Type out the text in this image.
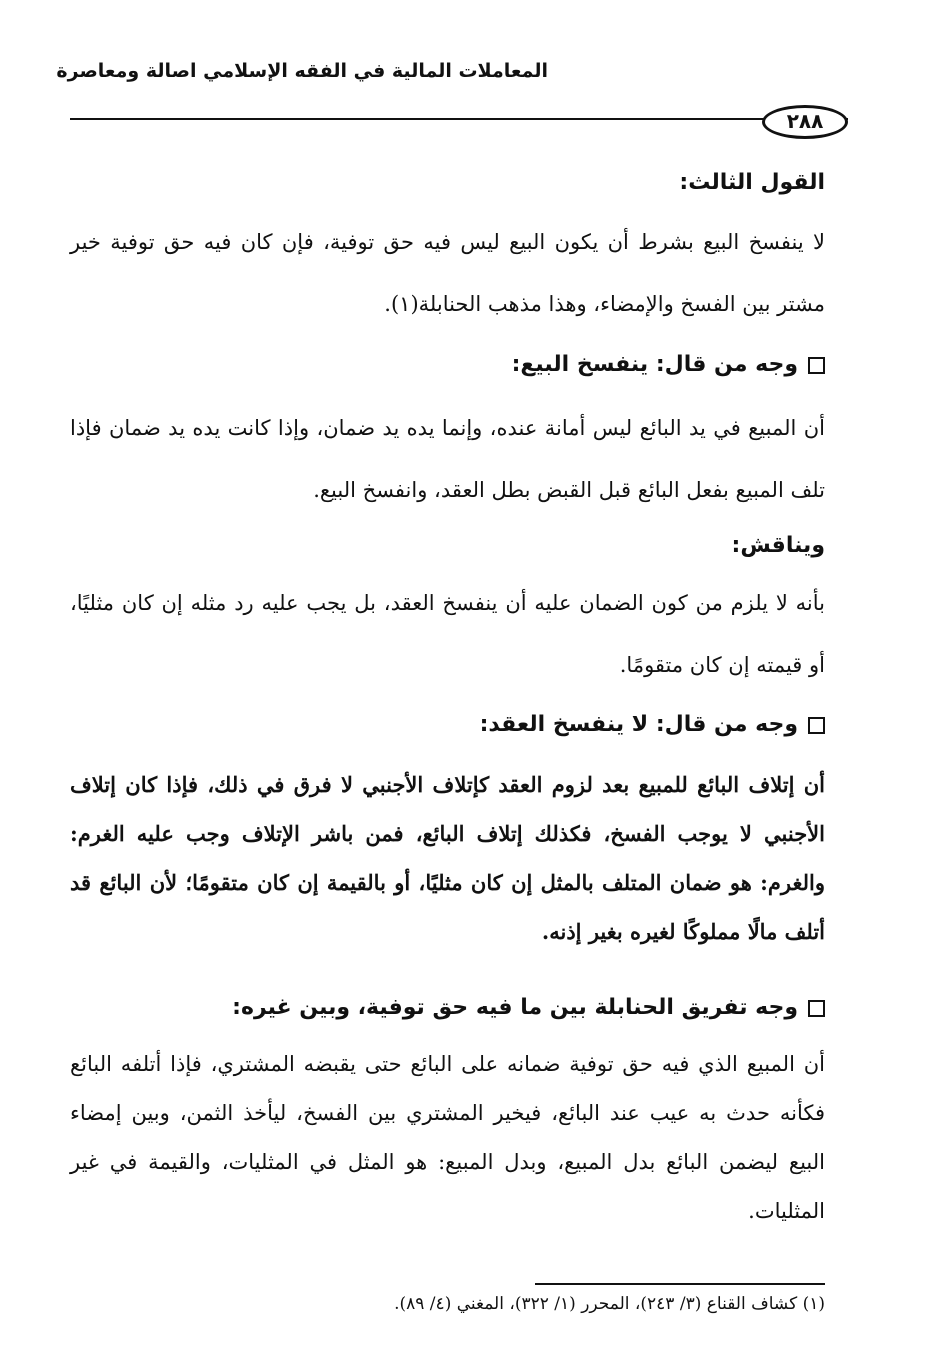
المعاملات المالية في الفقه الإسلامي اصالة ومعاصرة
٢٨٨
القول الثالث:
لا ينفسخ البيع بشرط أن يكون البيع ليس فيه حق توفية، فإن كان فيه حق توفية خير مشتر بين الفسخ والإمضاء، وهذا مذهب الحنابلة(١).
وجه من قال: ينفسخ البيع:
أن المبيع في يد البائع ليس أمانة عنده، وإنما يده يد ضمان، وإذا كانت يده يد ضمان فإذا تلف المبيع بفعل البائع قبل القبض بطل العقد، وانفسخ البيع.
ويناقش:
بأنه لا يلزم من كون الضمان عليه أن ينفسخ العقد، بل يجب عليه رد مثله إن كان مثليًا، أو قيمته إن كان متقومًا.
وجه من قال: لا ينفسخ العقد:
أن إتلاف البائع للمبيع بعد لزوم العقد كإتلاف الأجنبي لا فرق في ذلك، فإذا كان إتلاف الأجنبي لا يوجب الفسخ، فكذلك إتلاف البائع، فمن باشر الإتلاف وجب عليه الغرم: والغرم: هو ضمان المتلف بالمثل إن كان مثليًا، أو بالقيمة إن كان متقومًا؛ لأن البائع قد أتلف مالًا مملوكًا لغيره بغير إذنه.
وجه تفريق الحنابلة بين ما فيه حق توفية، وبين غيره:
أن المبيع الذي فيه حق توفية ضمانه على البائع حتى يقبضه المشتري، فإذا أتلفه البائع فكأنه حدث به عيب عند البائع، فيخير المشتري بين الفسخ، ليأخذ الثمن، وبين إمضاء البيع ليضمن البائع بدل المبيع، وبدل المبيع: هو المثل في المثليات، والقيمة في غير المثليات.
(١) كشاف القناع (٣/ ٢٤٣)، المحرر (١/ ٣٢٢)، المغني (٤/ ٨٩).
